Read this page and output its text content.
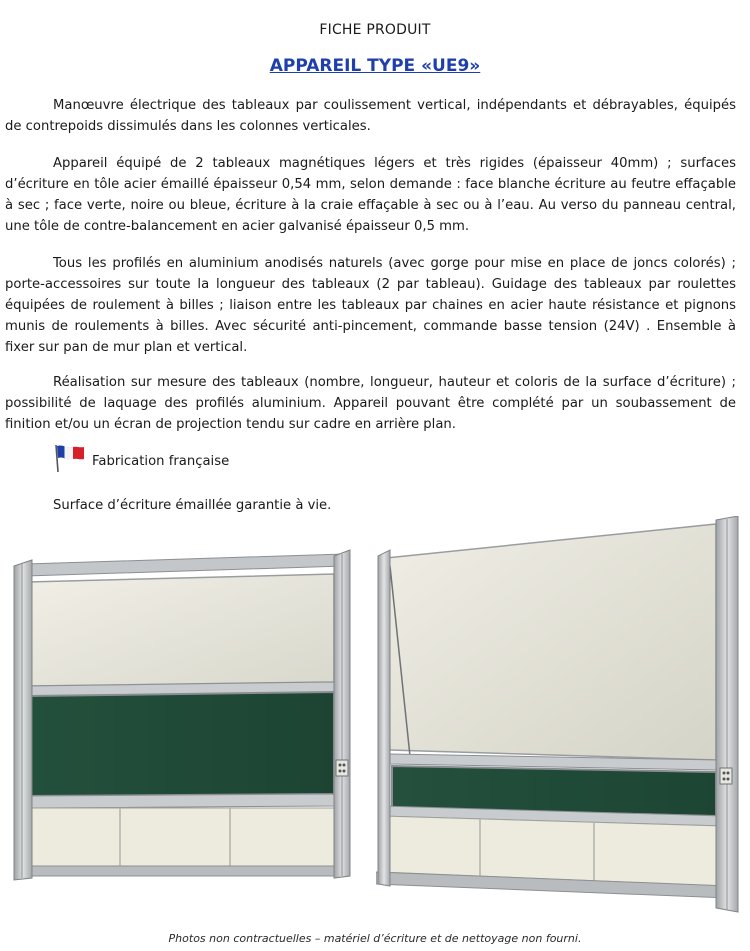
FICHE PRODUIT
APPAREIL TYPE «UE9»

Manœuvre électrique des tableaux par coulissement vertical, indépendants et débrayables, équipés de contrepoids dissimulés dans les colonnes verticales.

Appareil équipé de 2 tableaux magnétiques légers et très rigides (épaisseur 40mm) ; surfaces d’écriture en tôle acier émaillé épaisseur 0,54 mm, selon demande : face blanche écriture au feutre effaçable à sec ; face verte, noire ou bleue, écriture à la craie effaçable à sec ou à l’eau. Au verso du panneau central, une tôle de contre-balancement en acier galvanisé épaisseur 0,5 mm.

Tous les profilés en aluminium anodisés naturels (avec gorge pour mise en place de joncs colorés) ; porte-accessoires sur toute la longueur des tableaux (2 par tableau). Guidage des tableaux par roulettes équipées de roulement à billes ; liaison entre les tableaux par chaines en acier haute résistance et pignons munis de roulements à billes. Avec sécurité anti-pincement, commande basse tension (24V) . Ensemble à fixer sur pan de mur plan et vertical.

Réalisation sur mesure des tableaux (nombre, longueur, hauteur et coloris de la surface d’écriture) ; possibilité de laquage des profilés aluminium. Appareil pouvant être complété par un soubassement de finition et/ou un écran de projection tendu sur cadre en arrière plan.

Fabrication française
Surface d’écriture émaillée garantie à vie.
Photos non contractuelles – matériel d’écriture et de nettoyage non fourni.
